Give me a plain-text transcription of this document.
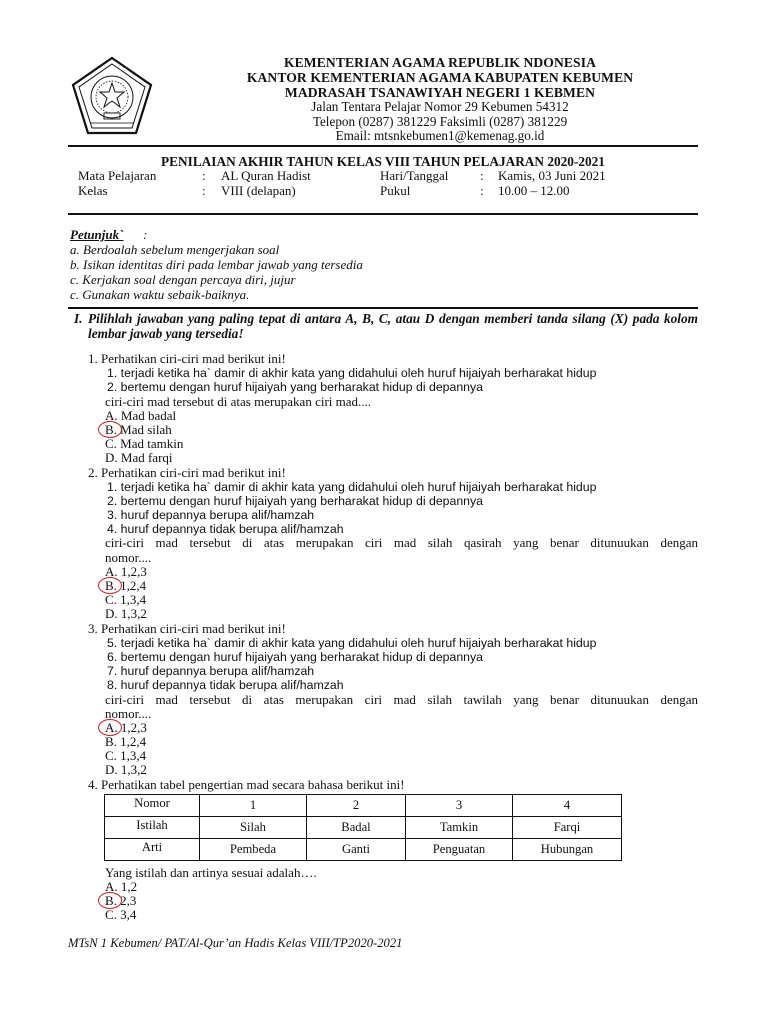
KEMENTERIAN AGAMA REPUBLIK NDONESIA
KANTOR KEMENTERIAN AGAMA KABUPATEN KEBUMEN
MADRASAH TSANAWIYAH NEGERI 1 KEBMEN
Jalan Tentara Pelajar Nomor 29 Kebumen 54312
Telepon (0287) 381229 Faksimli (0287) 381229
Email: mtsnkebumen1@kemenag.go.id
PENILAIAN AKHIR TAHUN KELAS VIII TAHUN PELAJARAN 2020-2021
Mata Pelajaran	: AL Quran Hadist	Hari/Tanggal : Kamis, 03 Juni 2021
Kelas	: VIII (delapan)	Pukul	: 10.00 – 12.00
Petunjuk` :
a. Berdoalah sebelum mengerjakan soal
b. Isikan identitas diri pada lembar jawab yang tersedia
c. Kerjakan soal dengan percaya diri, jujur
c. Gunakan waktu sebaik-baiknya.
I. Pilihlah jawaban yang paling tepat di antara A, B, C, atau D dengan memberi tanda silang (X) pada kolom lembar jawab yang tersedia!
1. Perhatikan ciri-ciri mad berikut ini!
1. terjadi ketika ha` damir di akhir kata yang didahului oleh huruf hijaiyah berharakat hidup
2. bertemu dengan huruf hijaiyah yang berharakat hidup di depannya
ciri-ciri mad tersebut di atas merupakan ciri mad....
A. Mad badal
B. Mad silah
C. Mad tamkin
D. Mad farqi
2. Perhatikan ciri-ciri mad berikut ini!
1. terjadi ketika ha` damir di akhir kata yang didahului oleh huruf hijaiyah berharakat hidup
2. bertemu dengan huruf hijaiyah yang berharakat hidup di depannya
3. huruf depannya berupa alif/hamzah
4. huruf depannya tidak berupa alif/hamzah
ciri-ciri mad tersebut di atas merupakan ciri mad silah qasirah yang benar ditunuukan dengan
nomor....
A. 1,2,3
B. 1,2,4
C. 1,3,4
D. 1,3,2
3. Perhatikan ciri-ciri mad berikut ini!
5. terjadi ketika ha` damir di akhir kata yang didahului oleh huruf hijaiyah berharakat hidup
6. bertemu dengan huruf hijaiyah yang berharakat hidup di depannya
7. huruf depannya berupa alif/hamzah
8. huruf depannya tidak berupa alif/hamzah
ciri-ciri mad tersebut di atas merupakan ciri mad silah tawilah yang benar ditunuukan dengan
nomor....
A. 1,2,3
B. 1,2,4
C. 1,3,4
D. 1,3,2
4. Perhatikan tabel pengertian mad secara bahasa berikut ini!
Nomor	1	2	3	4
Istilah	Silah	Badal	Tamkin	Farqi
Arti	Pembeda	Ganti	Penguatan	Hubungan
Yang istilah dan artinya sesuai adalah….
A. 1,2
B. 2,3
C. 3,4
MTsN 1 Kebumen/ PAT/Al-Qur’an Hadis Kelas VIII/TP2020-2021
